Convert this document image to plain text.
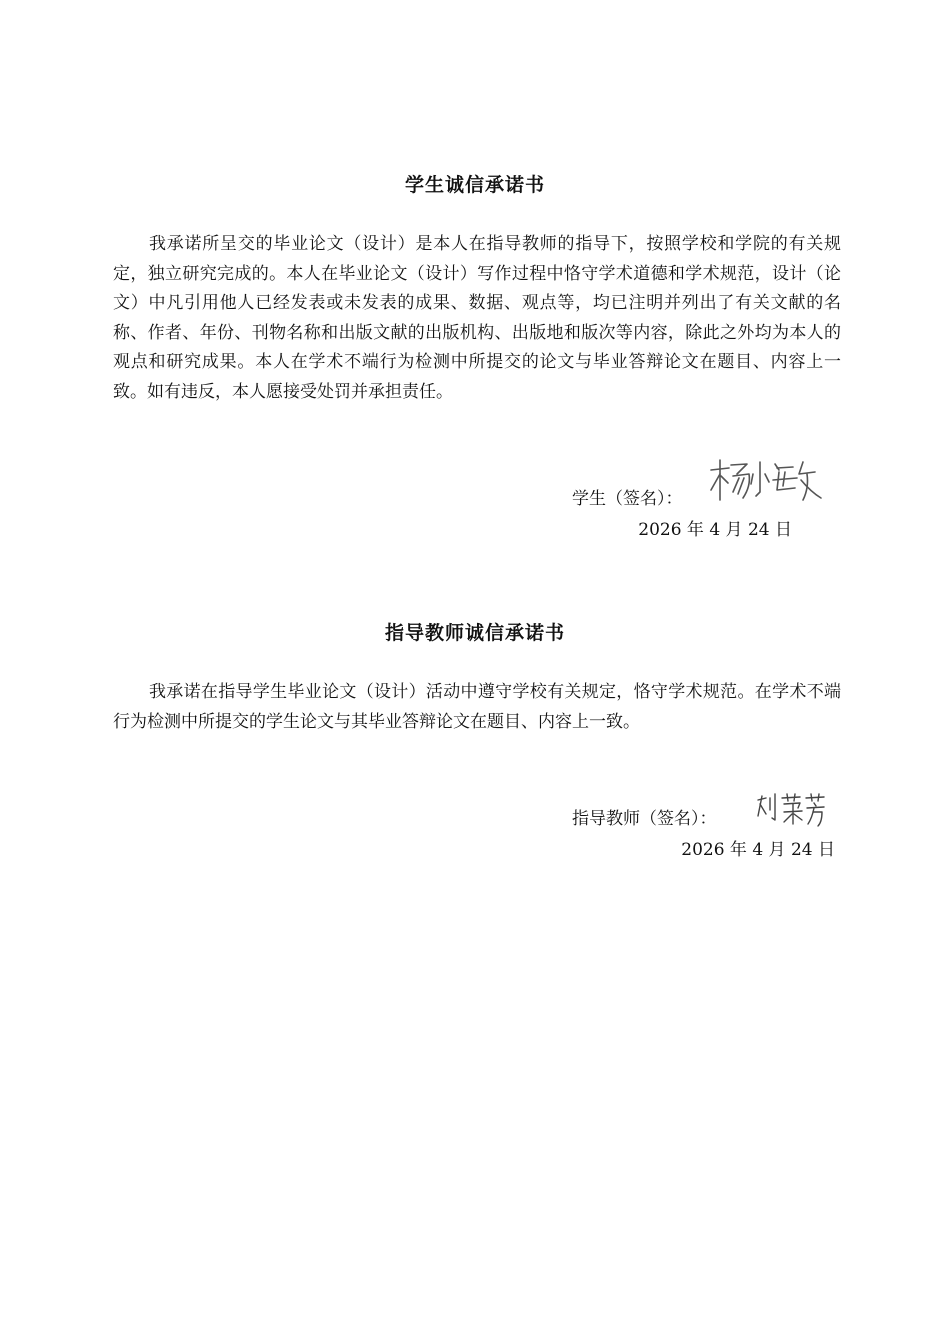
学生诚信承诺书

我承诺所呈交的毕业论文（设计）是本人在指导教师的指导下，按照学校和学院的有关规定，独立研究完成的。本人在毕业论文（设计）写作过程中恪守学术道德和学术规范，设计（论文）中凡引用他人已经发表或未发表的成果、数据、观点等，均已注明并列出了有关文献的名称、作者、年份、刊物名称和出版文献的出版机构、出版地和版次等内容，除此之外均为本人的观点和研究成果。本人在学术不端行为检测中所提交的论文与毕业答辩论文在题目、内容上一致。如有违反，本人愿接受处罚并承担责任。

学生（签名）：
2026 年 4 月 24 日
指导教师诚信承诺书

我承诺在指导学生毕业论文（设计）活动中遵守学校有关规定，恪守学术规范。在学术不端行为检测中所提交的学生论文与其毕业答辩论文在题目、内容上一致。

指导教师（签名）：
2026 年 4 月 24 日
